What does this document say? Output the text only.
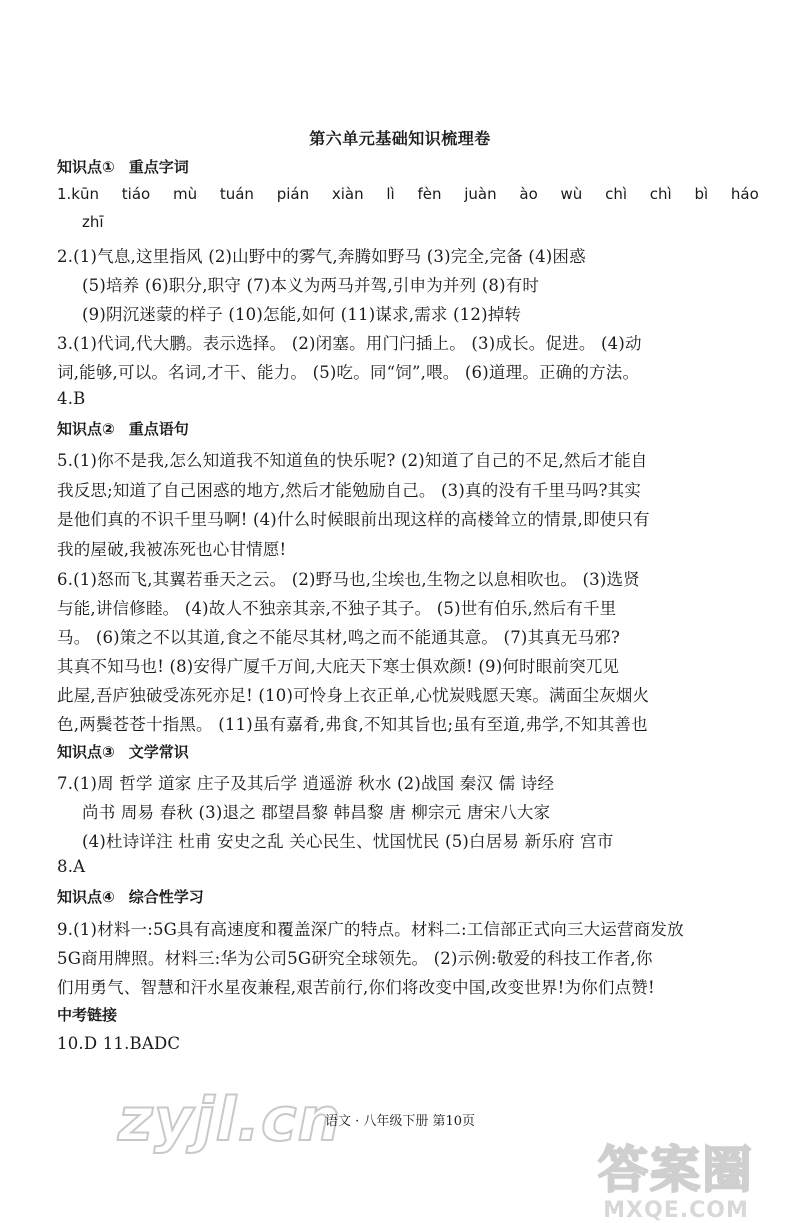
第六单元基础知识梳理卷
知识点① 重点字词
1.kūn tiáo mù tuán pián xiàn lì fèn juàn ào wù chì chì bì háo
zhī
2.(1)气息,这里指风 (2)山野中的雾气,奔腾如野马 (3)完全,完备 (4)困惑
(5)培养 (6)职分,职守 (7)本义为两马并驾,引申为并列 (8)有时
(9)阴沉迷蒙的样子 (10)怎能,如何 (11)谋求,需求 (12)掉转
3.(1)代词,代大鹏。表示选择。 (2)闭塞。用门闩插上。 (3)成长。促进。 (4)动
词,能够,可以。名词,才干、能力。 (5)吃。同“饲”,喂。 (6)道理。正确的方法。
4.B
知识点② 重点语句
5.(1)你不是我,怎么知道我不知道鱼的快乐呢? (2)知道了自己的不足,然后才能自
我反思;知道了自己困惑的地方,然后才能勉励自己。 (3)真的没有千里马吗?其实
是他们真的不识千里马啊! (4)什么时候眼前出现这样的高楼耸立的情景,即使只有
我的屋破,我被冻死也心甘情愿!
6.(1)怒而飞,其翼若垂天之云。 (2)野马也,尘埃也,生物之以息相吹也。 (3)选贤
与能,讲信修睦。 (4)故人不独亲其亲,不独子其子。 (5)世有伯乐,然后有千里
马。 (6)策之不以其道,食之不能尽其材,鸣之而不能通其意。 (7)其真无马邪?
其真不知马也! (8)安得广厦千万间,大庇天下寒士俱欢颜! (9)何时眼前突兀见
此屋,吾庐独破受冻死亦足! (10)可怜身上衣正单,心忧炭贱愿天寒。满面尘灰烟火
色,两鬓苍苍十指黑。 (11)虽有嘉肴,弗食,不知其旨也;虽有至道,弗学,不知其善也
知识点③ 文学常识
7.(1)周 哲学 道家 庄子及其后学 逍遥游 秋水 (2)战国 秦汉 儒 诗经
尚书 周易 春秋 (3)退之 郡望昌黎 韩昌黎 唐 柳宗元 唐宋八大家
(4)杜诗详注 杜甫 安史之乱 关心民生、忧国忧民 (5)白居易 新乐府 宫市
8.A
知识点④ 综合性学习
9.(1)材料一:5G具有高速度和覆盖深广的特点。材料二:工信部正式向三大运营商发放
5G商用牌照。材料三:华为公司5G研究全球领先。 (2)示例:敬爱的科技工作者,你
们用勇气、智慧和汗水星夜兼程,艰苦前行,你们将改变中国,改变世界!为你们点赞!
中考链接
10.D 11.BADC
zyjl.cn
语文 · 八年级下册 第10页
答案圈
MXQE.COM
